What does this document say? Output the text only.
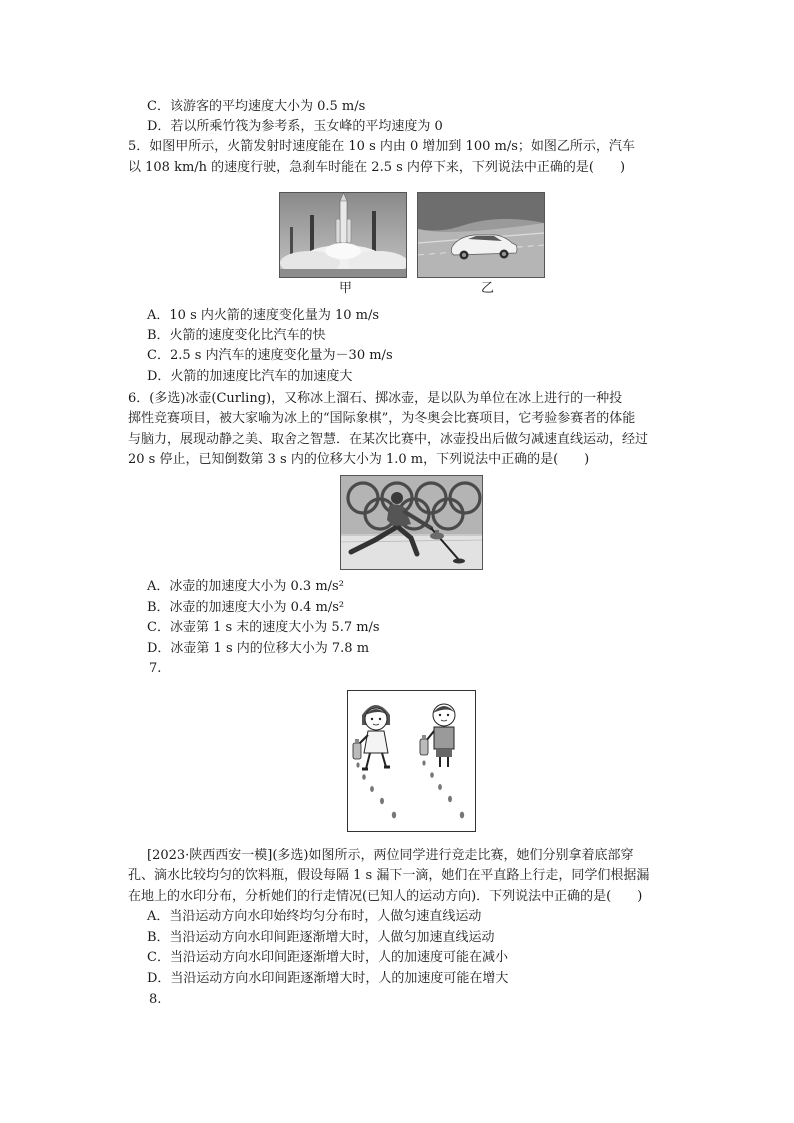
C．该游客的平均速度大小为 0.5 m/s
D．若以所乘竹筏为参考系，玉女峰的平均速度为 0
5．如图甲所示，火箭发射时速度能在 10 s 内由 0 增加到 100 m/s；如图乙所示，汽车
以 108 km/h 的速度行驶，急刹车时能在 2.5 s 内停下来，下列说法中正确的是(　　)
甲	乙
A．10 s 内火箭的速度变化量为 10 m/s
B．火箭的速度变化比汽车的快
C．2.5 s 内汽车的速度变化量为－30 m/s
D．火箭的加速度比汽车的加速度大
6．(多选)冰壶(Curling)，又称冰上溜石、掷冰壶，是以队为单位在冰上进行的一种投
掷性竞赛项目，被大家喻为冰上的“国际象棋”，为冬奥会比赛项目，它考验参赛者的体能
与脑力，展现动静之美、取舍之智慧．在某次比赛中，冰壶投出后做匀减速直线运动，经过
20 s 停止，已知倒数第 3 s 内的位移大小为 1.0 m，下列说法中正确的是(　　)
A．冰壶的加速度大小为 0.3 m/s²
B．冰壶的加速度大小为 0.4 m/s²
C．冰壶第 1 s 末的速度大小为 5.7 m/s
D．冰壶第 1 s 内的位移大小为 7.8 m
7.
[2023·陕西西安一模](多选)如图所示，两位同学进行竞走比赛，她们分别拿着底部穿
孔、滴水比较均匀的饮料瓶，假设每隔 1 s 漏下一滴，她们在平直路上行走，同学们根据漏
在地上的水印分布，分析她们的行走情况(已知人的运动方向)．下列说法中正确的是(　　)
A．当沿运动方向水印始终均匀分布时，人做匀速直线运动
B．当沿运动方向水印间距逐渐增大时，人做匀加速直线运动
C．当沿运动方向水印间距逐渐增大时，人的加速度可能在减小
D．当沿运动方向水印间距逐渐增大时，人的加速度可能在增大
8.
